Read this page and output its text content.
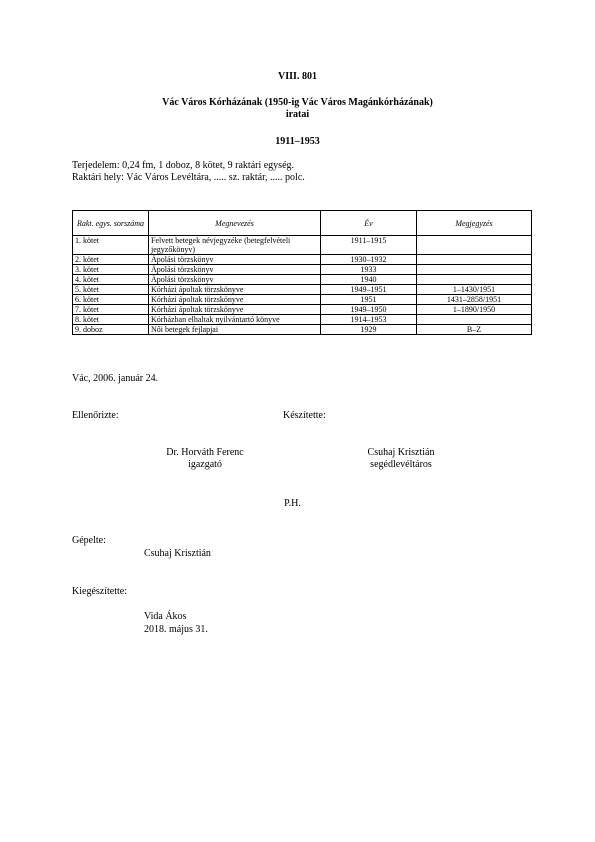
VIII. 801
Vác Város Kórházának (1950-ig Vác Város Magánkórházának)
iratai
1911–1953
Terjedelem: 0,24 fm, 1 doboz, 8 kötet, 9 raktári egység.
Raktári hely: Vác Város Levéltára, ..... sz. raktár, ..... polc.
Rakt. egys. sorszáma	Megnevezés	Év	Megjegyzés
1. kötet	Felvett betegek névjegyzéke (betegfelvételi jegyzőkönyv)	1911–1915	
2. kötet	Ápolási törzskönyv	1930–1932	
3. kötet	Ápolási törzskönyv	1933	
4. kötet	Ápolási törzskönyv	1940	
5. kötet	Kórházi ápoltak törzskönyve	1949–1951	1–1430/1951
6. kötet	Kórházi ápoltak törzskönyve	1951	1431–2858/1951
7. kötet	Kórházi ápoltak törzskönyve	1949–1950	1–1890/1950
8. kötet	Kórházban elhaltak nyilvántartó könyve	1914–1953	
9. doboz	Női betegek fejlapjai	1929	B–Z
Vác, 2006. január 24.
Ellenőrizte:	Készítette:
Dr. Horváth Ferenc
igazgató
Csuhaj Krisztián
segédlevéltáros
P.H.
Gépelte:
Csuhaj Krisztián
Kiegészítette:
Vida Ákos
2018. május 31.
